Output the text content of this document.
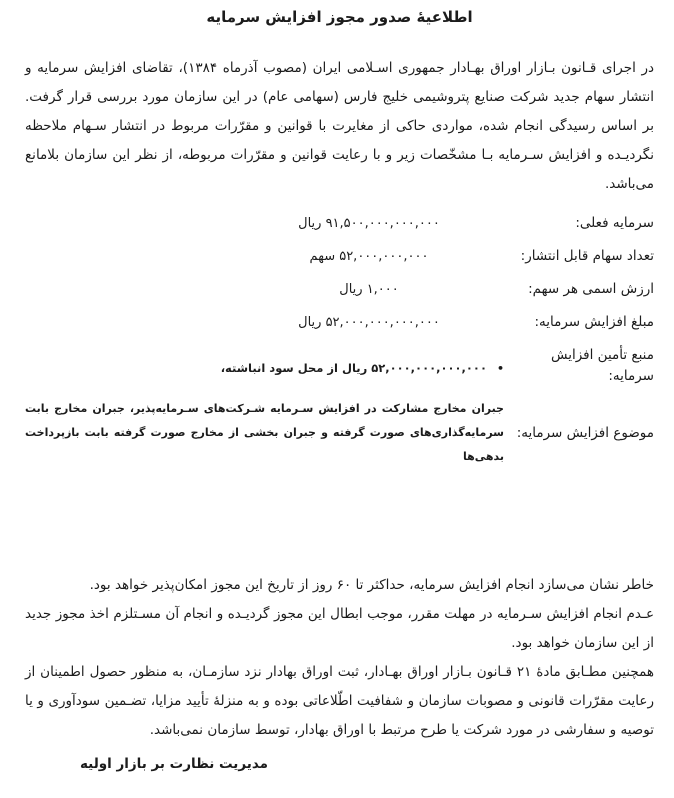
اطلاعیۀ صدور مجوز افزایش سرمایه

در اجرای قـانون بـازار اوراق بهـادار جمهوری اسـلامی ایران (مصوب آذرماه ۱۳۸۴)، تقاضای افزایش سرمایه و انتشار سهام جدید شرکت صنایع پتروشیمی خلیج فارس (سهامی عام) در این سازمان مورد بررسی قرار گرفت. بر اساس رسیدگی انجام شده، مواردی حاکی از مغایرت با قوانین و مقرّرات مربوط در انتشار سـهام ملاحظه نگردیـده و افزایش سـرمایه بـا مشخّصات زیر و با رعایت قوانین و مقرّرات مربوطه، از نظر این سازمان بلامانع می‌باشد.

سرمایه فعلی:
۹۱,۵۰۰,۰۰۰,۰۰۰,۰۰۰ ریال
تعداد سهام قابل انتشار:
۵۲,۰۰۰,۰۰۰,۰۰۰ سهم
ارزش اسمی هر سهم:
۱,۰۰۰ ریال
مبلغ افزایش سرمایه:
۵۲,۰۰۰,۰۰۰,۰۰۰,۰۰۰ ریال
منبع تأمین افزایش سرمایه:
•۵۲,۰۰۰,۰۰۰,۰۰۰,۰۰۰ ریال از محل سود انباشته،
موضوع افزایش سرمایه:
جبران مخارج مشارکت در افزایش سـرمایه شـرکت‌های سـرمایه‌پذیر، جبران مخارج بابت سرمایه‌گذاری‌های صورت گرفته و جبران بخشی از مخارج صورت گرفته بابت بازپرداخت بدهی‌ها

خاطر نشان می‌سازد انجام افزایش سرمایه، حداکثر تا ۶۰ روز از تاریخ این مجوز امکان‌پذیر خواهد بود.

عـدم انجام افزایش سـرمایه در مهلت مقرر، موجب ابطال این مجوز گردیـده و انجام آن مسـتلزم اخذ مجوز جدید از این سازمان خواهد بود.

همچنین مطـابق مادۀ ۲۱ قـانون بـازار اوراق بهـادار، ثبت اوراق بهادار نزد سازمـان، به منظور حصول اطمینان از رعایت مقرّرات قانونی و مصوبات سازمان و شفافیت اطّلاعاتی بوده و به منزلۀ تأیید مزایا، تضـمین سودآوری و یا توصیه و سفارشی در مورد شرکت یا طرح مرتبط با اوراق بهادار، توسط سازمان نمی‌باشد.

مدیریت نظارت بر بازار اولیه
